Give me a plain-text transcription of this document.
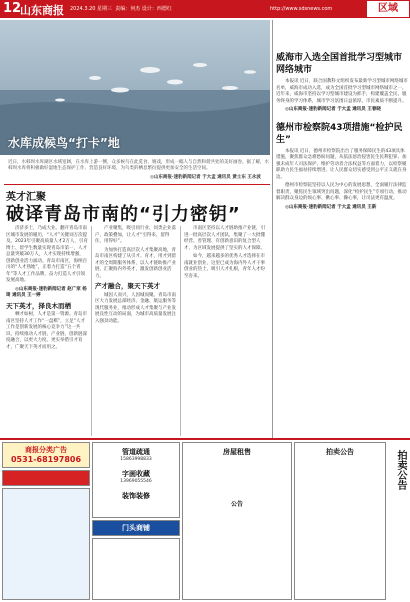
12
山东商报 2024.3.20 星期三 责编：何杰 设计：西德红	http://www.sdsnews.com	区域
水库成候鸟“打卡”地
近日，水韩坝水库湖区水域宽阔，在水库上游一侧，众多候鸟在此觅食、嬉戏，形成一幅人与自然和谐共处的美好画卷。据了解，水韩坝水库将积极做好湿地生态保护工作，营造良好环境，为鸟类的栖息繁衍提供更加安全的生活空间。
◎山东商报·速豹新闻记者 于大孟 通讯员 黄士东 王永波
英才汇聚
破译青岛市南的“引力密钥”

济济多士，乃成大业。翻开青岛市南区城市发展的履历，“人才”关键词万次提及。2023年引聚高质量人才2万人，引育博士、留学生数量实现青岛市第一，人才总量突破30万人，人才实现持续增强，创新创业活力涌动。青岛市南区，海纳百川的“人才熟地”，正着力打造“五个青年”等人才工作品牌，奋力打造人才引领发展高地。

◎山东商报·速豹新闻记者 赵广家 杨琦 通讯员 王一婷

天下英才，择良木而栖

栖才如树，人才是第一资源。青岛市南区坚持人才工作“一盘棋”，立足“人才工作是创新发展的核心竞争力”这一共识，持续推动人才链、产业链、创新链深度融合，以更大力度、更实举措引才育才，广聚天下英才而用之。

产业聚集，吸引同行业、同类企业落户，政策叠加，让人才“引得来、留得住、用得好”。

为加快打造高层次人才集聚高地，青岛市南区构建了从引才、育才、用才到留才的全周期服务体系，以人才链助推产业链，汇聚海内外英才，激发创新创业活力。

产才融合，聚天下英才

城因人而兴，人因城而聚。青岛市南区大力发展总部经济、金融、航运服务等现代服务业，推动形成人才集聚与产业发展良性互动的局面，为城市高质量发展注入强劲动能。

市南区坚持以人才链助推产业链，引进一批高层次人才团队，集聚了一大批懂经营、善管理、有创新意识的复合型人才，为区域发展提供了坚实的人才保障。

如今，越来越多的优秀人才选择在市南就业创业，这里已成为海内外人才干事创业的热土，吸引人才扎根，青年人才纷至沓来。

威海市入选全国首批学习型城市网络城市

本报讯 近日，联合国教科文组织发布最新学习型城市网络城市名单，威海市成功入选，成为全国首批学习型城市网络城市之一。近年来，威海市坚持以学习型城市建设为抓手，构建覆盖全民、服务终身的学习体系，城市学习氛围日益浓厚，市民素质不断提升。

◎山东商报·速豹新闻记者 于大孟 通讯员 王春晓

德州市检察院43项措施“检护民生”

本报讯 近日，德州市检察院出台了服务保障民生的43项具体措施，聚焦群众急难愁盼问题，从依法惩治侵害民生民利犯罪、加强未成年人司法保护、维护劳动者合法权益等方面着力，以检察履职助力民生福祉持续增进，让人民群众切实感受到公平正义就在身边。

德州市检察院坚持以人民为中心的发展思想，全面履行法律监督职责，聚焦民生领域突出问题，深化“检护民生”专项行动，推动解决群众身边的烦心事、揪心事、操心事，让司法更有温度。

◎山东商报·速豹新闻记者 于大孟 通讯员 王新

商报分类广告
0531-68197806
管道疏通
15863998833
字画收藏
13969055546
装饰装修
门头商铺
房屋租售
公告
拍卖公告	拍卖公告
